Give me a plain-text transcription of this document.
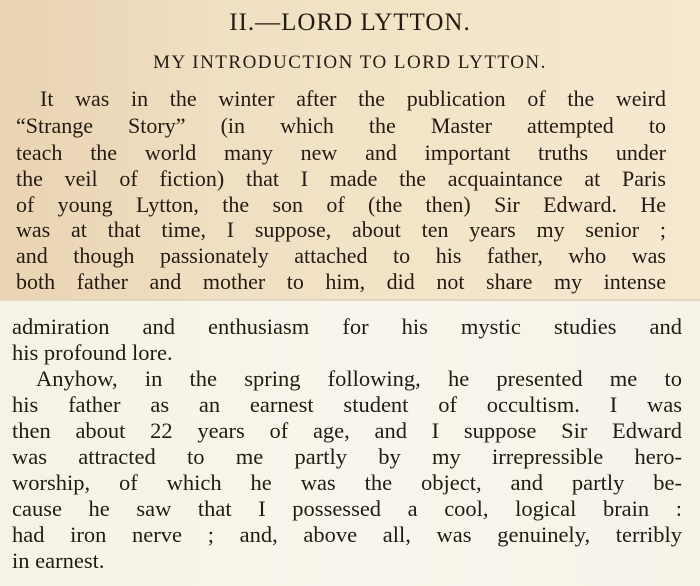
II.—LORD LYTTON.
MY INTRODUCTION TO LORD LYTTON.
It was in the winter after the publication of the weird
“Strange Story” (in which the Master attempted to
teach the world many new and important truths under
the veil of fiction) that I made the acquaintance at Paris
of young Lytton, the son of (the then) Sir Edward. He
was at that time, I suppose, about ten years my senior ;
and though passionately attached to his father, who was
both father and mother to him, did not share my intense
admiration and enthusiasm for his mystic studies and
his profound lore.
Anyhow, in the spring following, he presented me to
his father as an earnest student of occultism. I was
then about 22 years of age, and I suppose Sir Edward
was attracted to me partly by my irrepressible hero-
worship, of which he was the object, and partly be-
cause he saw that I possessed a cool, logical brain :
had iron nerve ; and, above all, was genuinely, terribly
in earnest.
